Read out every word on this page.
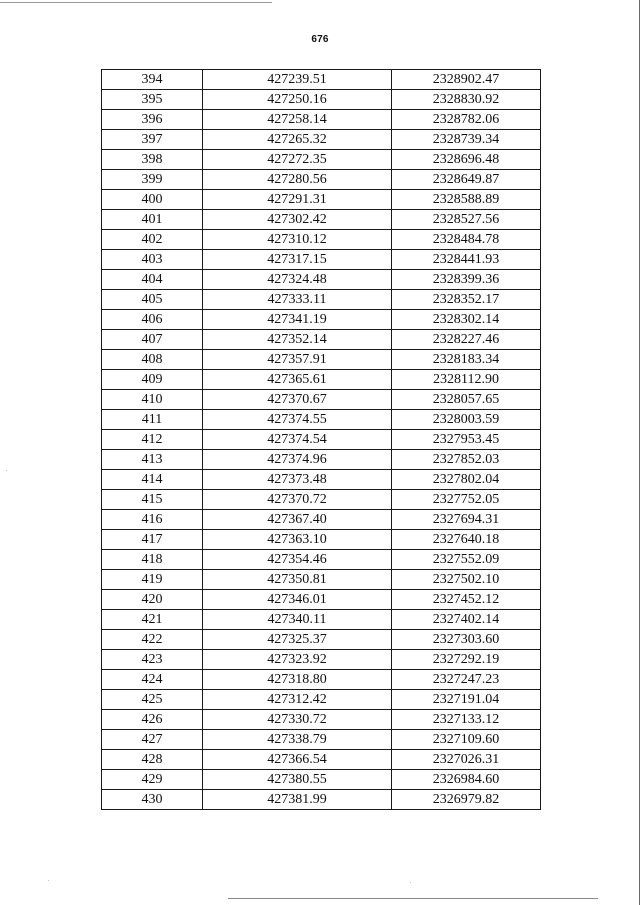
676
394	427239.51	2328902.47
395	427250.16	2328830.92
396	427258.14	2328782.06
397	427265.32	2328739.34
398	427272.35	2328696.48
399	427280.56	2328649.87
400	427291.31	2328588.89
401	427302.42	2328527.56
402	427310.12	2328484.78
403	427317.15	2328441.93
404	427324.48	2328399.36
405	427333.11	2328352.17
406	427341.19	2328302.14
407	427352.14	2328227.46
408	427357.91	2328183.34
409	427365.61	2328112.90
410	427370.67	2328057.65
411	427374.55	2328003.59
412	427374.54	2327953.45
413	427374.96	2327852.03
414	427373.48	2327802.04
415	427370.72	2327752.05
416	427367.40	2327694.31
417	427363.10	2327640.18
418	427354.46	2327552.09
419	427350.81	2327502.10
420	427346.01	2327452.12
421	427340.11	2327402.14
422	427325.37	2327303.60
423	427323.92	2327292.19
424	427318.80	2327247.23
425	427312.42	2327191.04
426	427330.72	2327133.12
427	427338.79	2327109.60
428	427366.54	2327026.31
429	427380.55	2326984.60
430	427381.99	2326979.82
